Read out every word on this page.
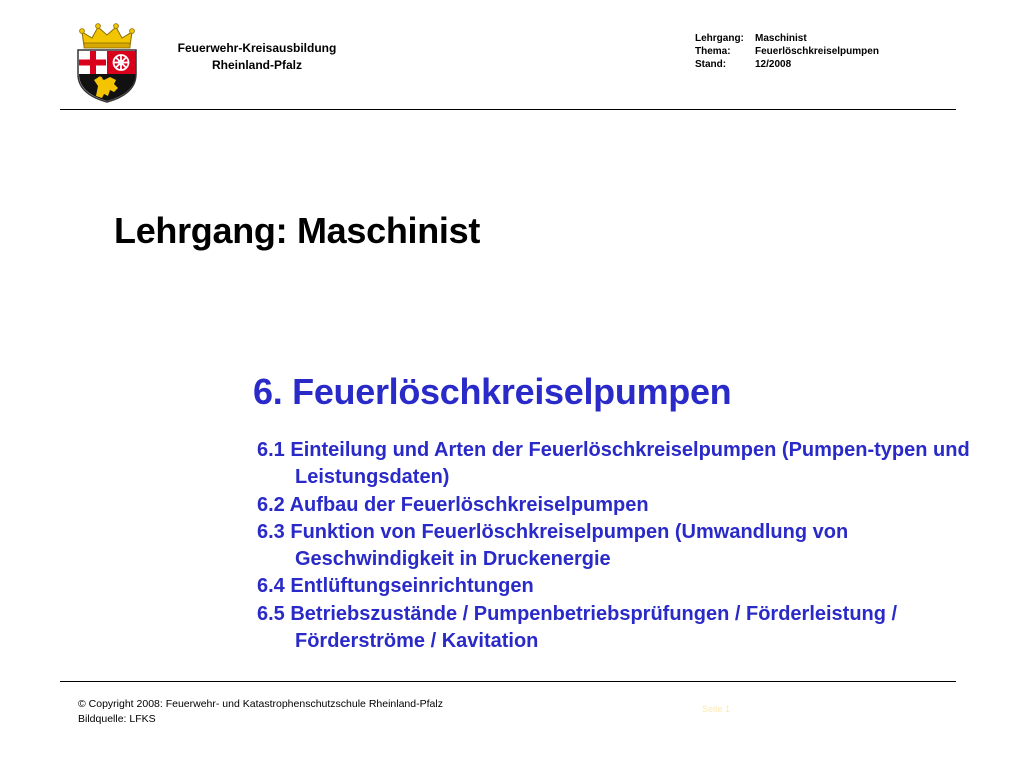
Feuerwehr-Kreisausbildung
Rheinland-Pfalz
Lehrgang: Maschinist
Thema: Feuerlöschkreiselpumpen
Stand:	12/2008
Lehrgang: Maschinist
6. Feuerlöschkreiselpumpen
6.1 Einteilung und Arten der Feuerlöschkreiselpumpen (Pumpen-typen und Leistungsdaten)
6.2 Aufbau der Feuerlöschkreiselpumpen
6.3 Funktion von Feuerlöschkreiselpumpen (Umwandlung von Geschwindigkeit in Druckenergie
6.4 Entlüftungseinrichtungen
6.5 Betriebszustände / Pumpenbetriebsprüfungen / Förderleistung / Förderströme / Kavitation
© Copyright 2008: Feuerwehr- und Katastrophenschutzschule Rheinland-Pfalz
Bildquelle: LFKS
Seite 1
